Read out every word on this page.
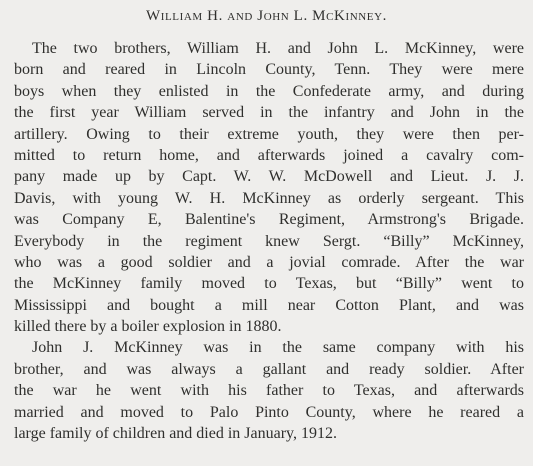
William H. and John L. McKinney.
The two brothers, William H. and John L. McKinney, were
born and reared in Lincoln County, Tenn. They were mere
boys when they enlisted in the Confederate army, and during
the first year William served in the infantry and John in the
artillery. Owing to their extreme youth, they were then per-
mitted to return home, and afterwards joined a cavalry com-
pany made up by Capt. W. W. McDowell and Lieut. J. J.
Davis, with young W. H. McKinney as orderly sergeant. This
was Company E, Balentine's Regiment, Armstrong's Brigade.
Everybody in the regiment knew Sergt. “Billy” McKinney,
who was a good soldier and a jovial comrade. After the war
the McKinney family moved to Texas, but “Billy” went to
Mississippi and bought a mill near Cotton Plant, and was
killed there by a boiler explosion in 1880.
John J. McKinney was in the same company with his
brother, and was always a gallant and ready soldier. After
the war he went with his father to Texas, and afterwards
married and moved to Palo Pinto County, where he reared a
large family of children and died in January, 1912.
